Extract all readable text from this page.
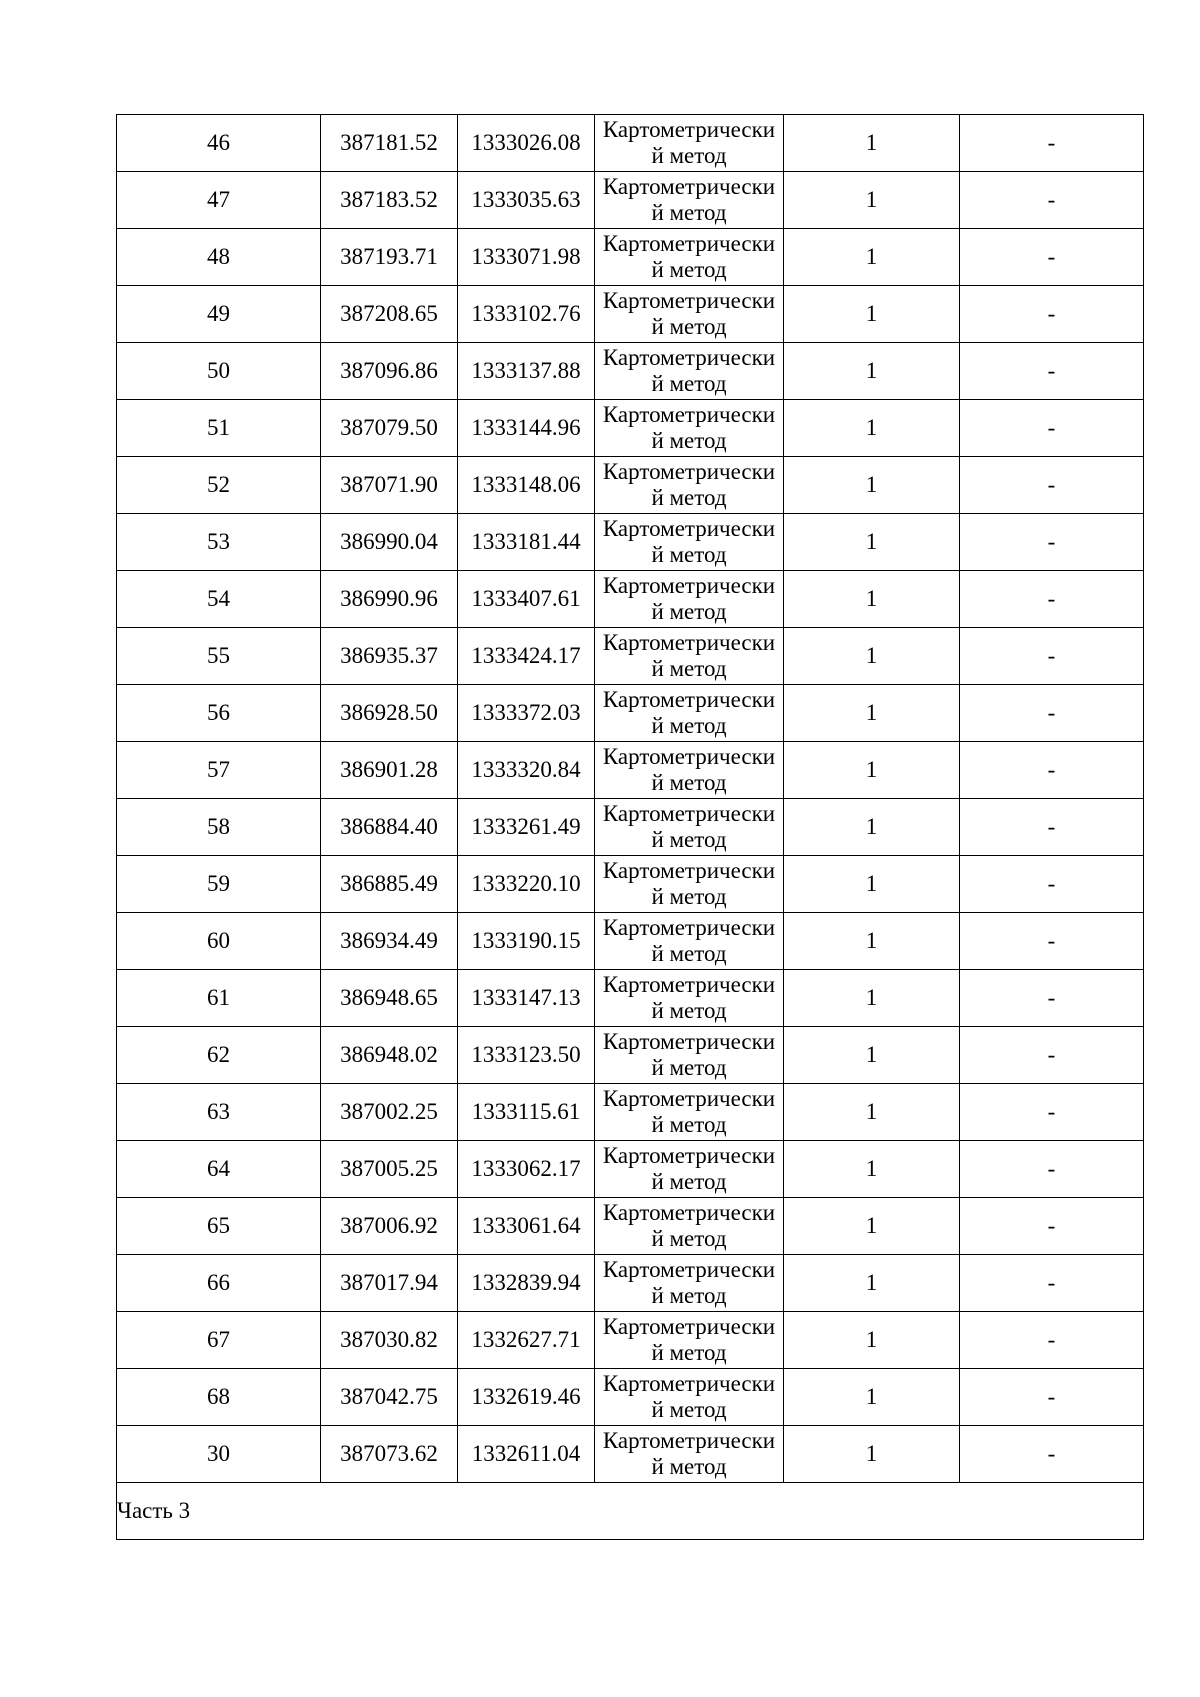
46	387181.52	1333026.08	Картометрически
й метод	1	-
47	387183.52	1333035.63	Картометрически
й метод	1	-
48	387193.71	1333071.98	Картометрически
й метод	1	-
49	387208.65	1333102.76	Картометрически
й метод	1	-
50	387096.86	1333137.88	Картометрически
й метод	1	-
51	387079.50	1333144.96	Картометрически
й метод	1	-
52	387071.90	1333148.06	Картометрически
й метод	1	-
53	386990.04	1333181.44	Картометрически
й метод	1	-
54	386990.96	1333407.61	Картометрически
й метод	1	-
55	386935.37	1333424.17	Картометрически
й метод	1	-
56	386928.50	1333372.03	Картометрически
й метод	1	-
57	386901.28	1333320.84	Картометрически
й метод	1	-
58	386884.40	1333261.49	Картометрически
й метод	1	-
59	386885.49	1333220.10	Картометрически
й метод	1	-
60	386934.49	1333190.15	Картометрически
й метод	1	-
61	386948.65	1333147.13	Картометрически
й метод	1	-
62	386948.02	1333123.50	Картометрически
й метод	1	-
63	387002.25	1333115.61	Картометрически
й метод	1	-
64	387005.25	1333062.17	Картометрически
й метод	1	-
65	387006.92	1333061.64	Картометрически
й метод	1	-
66	387017.94	1332839.94	Картометрически
й метод	1	-
67	387030.82	1332627.71	Картометрически
й метод	1	-
68	387042.75	1332619.46	Картометрически
й метод	1	-
30	387073.62	1332611.04	Картометрически
й метод	1	-
Часть 3					
